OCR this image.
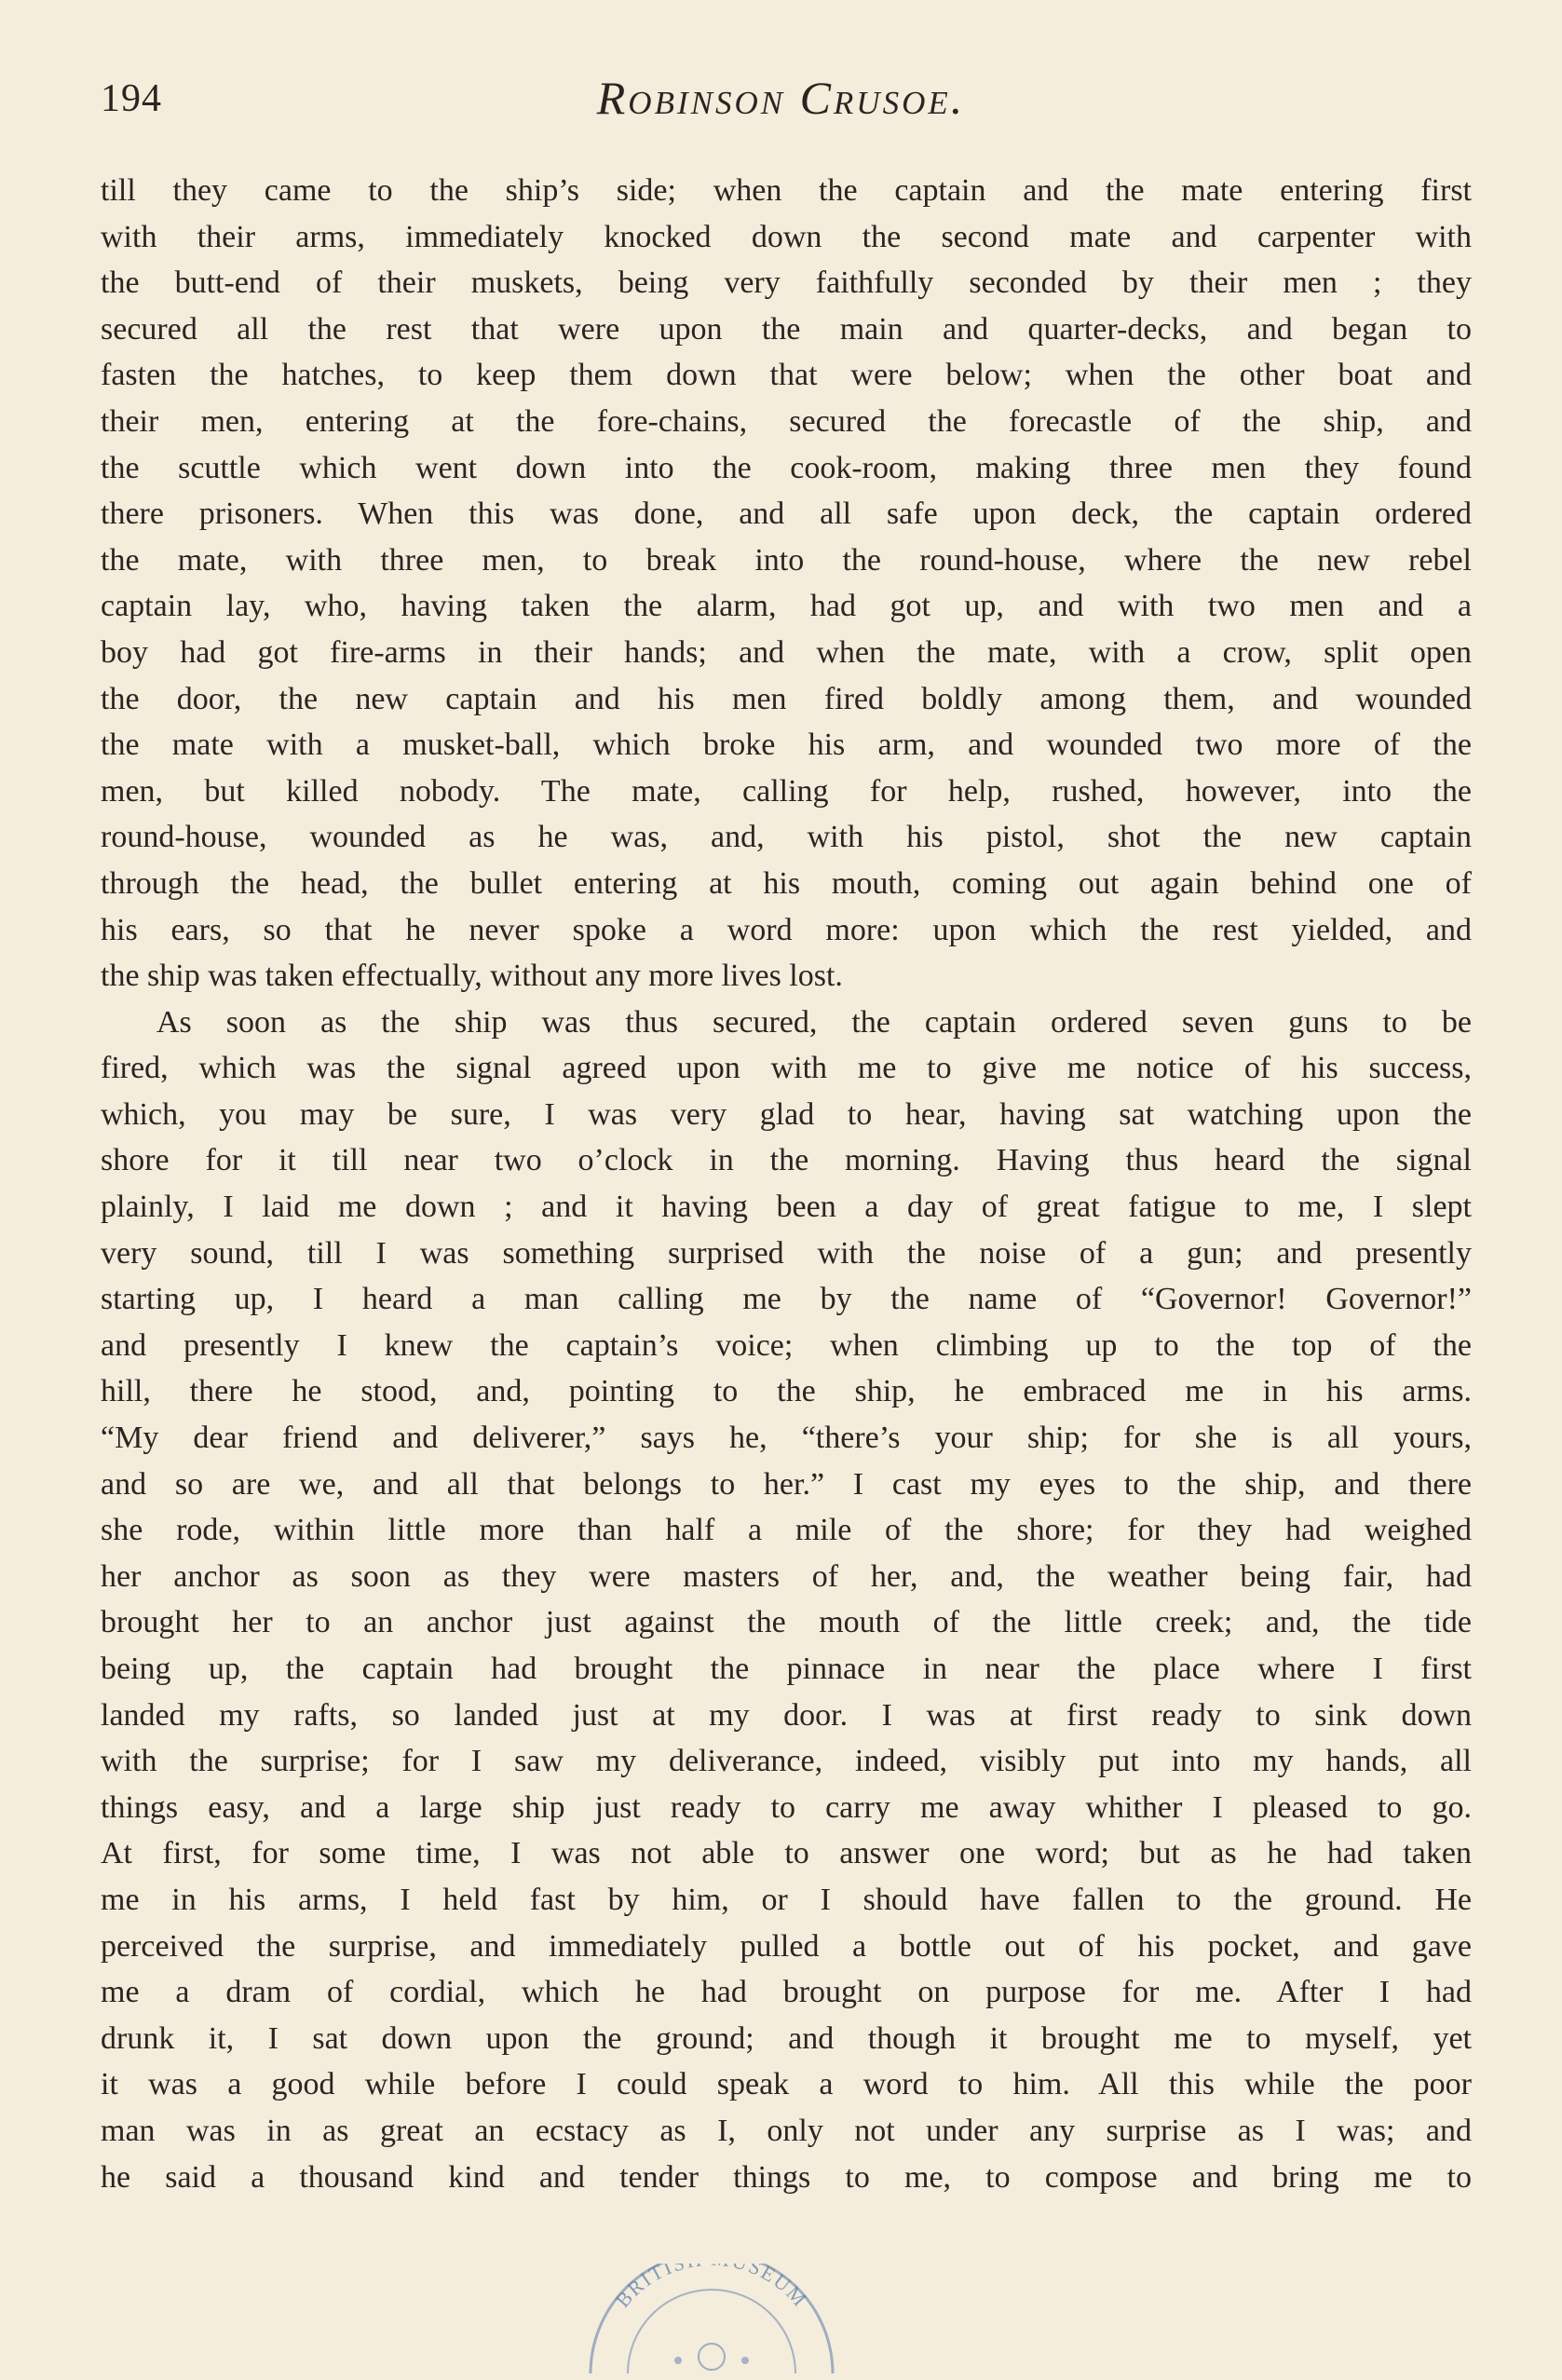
194	Robinson Crusoe.
till they came to the ship’s side; when the captain and the mate entering first
with their arms, immediately knocked down the second mate and carpenter with
the butt-end of their muskets, being very faithfully seconded by their men ; they
secured all the rest that were upon the main and quarter-decks, and began to
fasten the hatches, to keep them down that were below; when the other boat and
their men, entering at the fore-chains, secured the forecastle of the ship, and
the scuttle which went down into the cook-room, making three men they found
there prisoners. When this was done, and all safe upon deck, the captain ordered
the mate, with three men, to break into the round-house, where the new rebel
captain lay, who, having taken the alarm, had got up, and with two men and a
boy had got fire-arms in their hands; and when the mate, with a crow, split open
the door, the new captain and his men fired boldly among them, and wounded
the mate with a musket-ball, which broke his arm, and wounded two more of the
men, but killed nobody. The mate, calling for help, rushed, however, into the
round-house, wounded as he was, and, with his pistol, shot the new captain
through the head, the bullet entering at his mouth, coming out again behind one of
his ears, so that he never spoke a word more: upon which the rest yielded, and
the ship was taken effectually, without any more lives lost.
As soon as the ship was thus secured, the captain ordered seven guns to be
fired, which was the signal agreed upon with me to give me notice of his success,
which, you may be sure, I was very glad to hear, having sat watching upon the
shore for it till near two o’clock in the morning. Having thus heard the signal
plainly, I laid me down ; and it having been a day of great fatigue to me, I slept
very sound, till I was something surprised with the noise of a gun; and presently
starting up, I heard a man calling me by the name of “Governor! Governor!”
and presently I knew the captain’s voice; when climbing up to the top of the
hill, there he stood, and, pointing to the ship, he embraced me in his arms.
“My dear friend and deliverer,” says he, “there’s your ship; for she is all yours,
and so are we, and all that belongs to her.” I cast my eyes to the ship, and there
she rode, within little more than half a mile of the shore; for they had weighed
her anchor as soon as they were masters of her, and, the weather being fair, had
brought her to an anchor just against the mouth of the little creek; and, the tide
being up, the captain had brought the pinnace in near the place where I first
landed my rafts, so landed just at my door. I was at first ready to sink down
with the surprise; for I saw my deliverance, indeed, visibly put into my hands, all
things easy, and a large ship just ready to carry me away whither I pleased to go.
At first, for some time, I was not able to answer one word; but as he had taken
me in his arms, I held fast by him, or I should have fallen to the ground. He
perceived the surprise, and immediately pulled a bottle out of his pocket, and gave
me a dram of cordial, which he had brought on purpose for me. After I had
drunk it, I sat down upon the ground; and though it brought me to myself, yet
it was a good while before I could speak a word to him. All this while the poor
man was in as great an ecstacy as I, only not under any surprise as I was; and
he said a thousand kind and tender things to me, to compose and bring me to
BRITI SEUM
